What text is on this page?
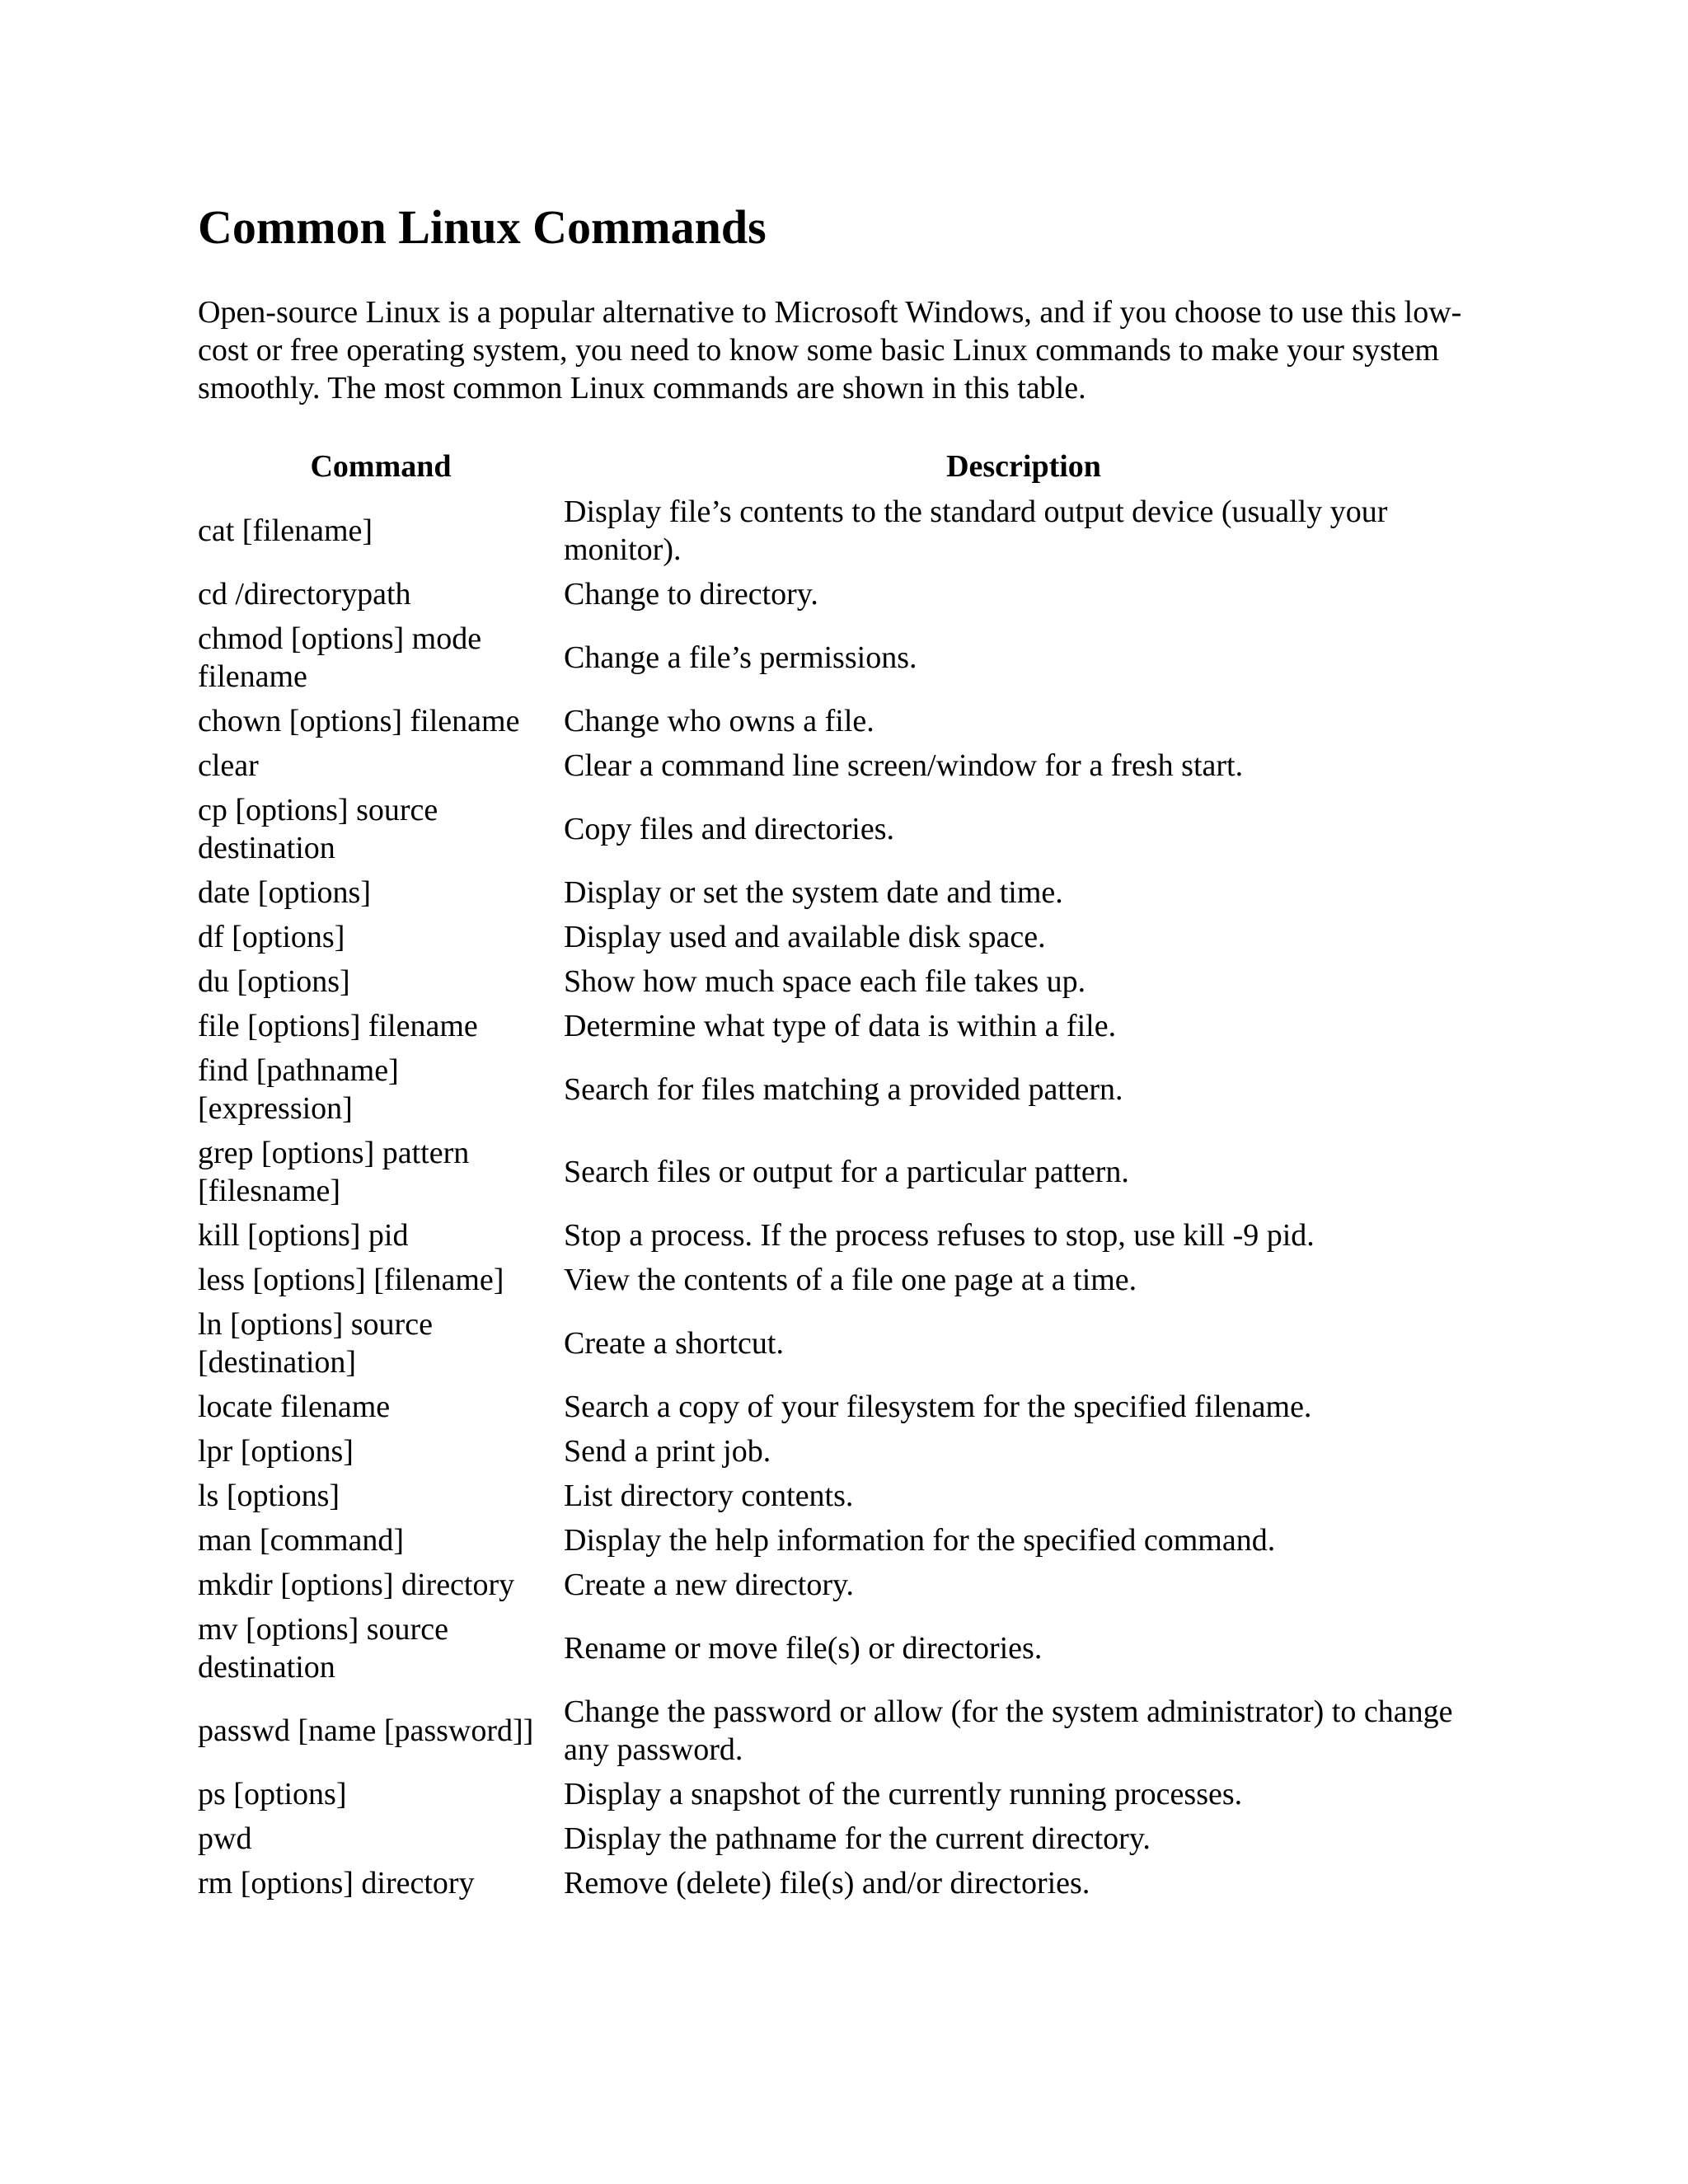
Common Linux Commands

Open-source Linux is a popular alternative to Microsoft Windows, and if you choose to use this low-cost or free operating system, you need to know some basic Linux commands to make your system smoothly. The most common Linux commands are shown in this table.

Command	Description
cat [filename]	Display file’s contents to the standard output device (usually your monitor).
cd /directorypath	Change to directory.
chmod [options] mode filename	Change a file’s permissions.
chown [options] filename	Change who owns a file.
clear	Clear a command line screen/window for a fresh start.
cp [options] source destination	Copy files and directories.
date [options]	Display or set the system date and time.
df [options]	Display used and available disk space.
du [options]	Show how much space each file takes up.
file [options] filename	Determine what type of data is within a file.
find [pathname] [expression]	Search for files matching a provided pattern.
grep [options] pattern [filesname]	Search files or output for a particular pattern.
kill [options] pid	Stop a process. If the process refuses to stop, use kill -9 pid.
less [options] [filename]	View the contents of a file one page at a time.
ln [options] source [destination]	Create a shortcut.
locate filename	Search a copy of your filesystem for the specified filename.
lpr [options]	Send a print job.
ls [options]	List directory contents.
man [command]	Display the help information for the specified command.
mkdir [options] directory	Create a new directory.
mv [options] source destination	Rename or move file(s) or directories.
passwd [name [password]]	Change the password or allow (for the system administrator) to change any password.
ps [options]	Display a snapshot of the currently running processes.
pwd	Display the pathname for the current directory.
rm [options] directory	Remove (delete) file(s) and/or directories.
